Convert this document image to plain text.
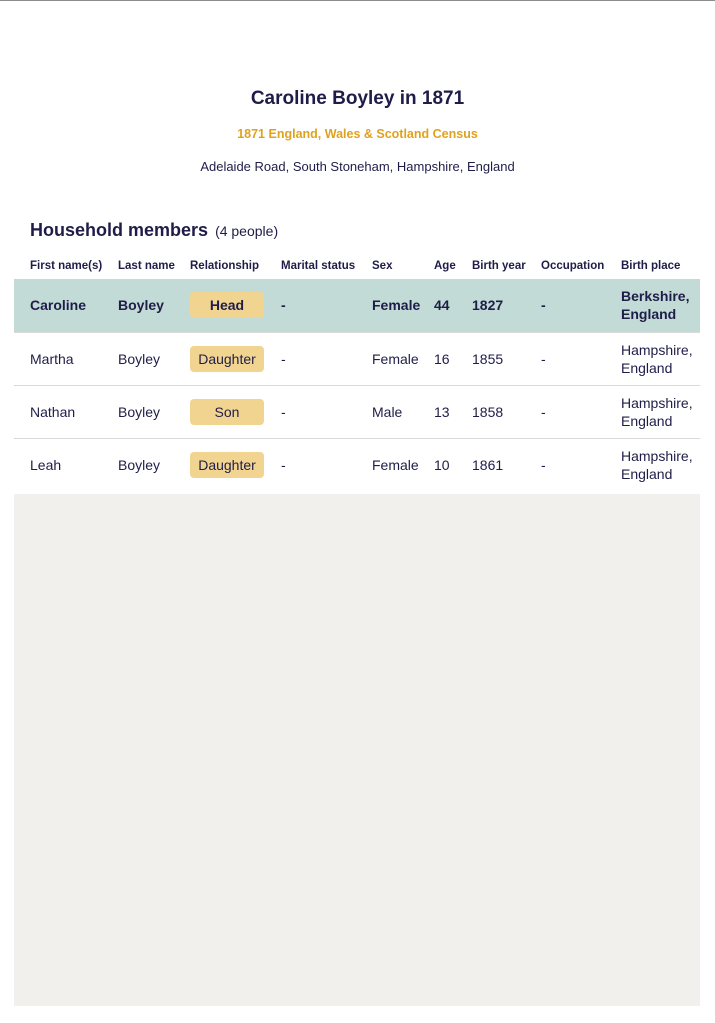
Caroline Boyley in 1871
1871 England, Wales & Scotland Census
Adelaide Road, South Stoneham, Hampshire, England
Household members (4 people)
First name(s)	Last name	Relationship	Marital status	Sex	Age	Birth year	Occupation	Birth place
Caroline	Boyley	Head	-	Female	44	1827	-	Berkshire,
England

Martha	Boyley	Daughter	-	Female	16	1855	-	Hampshire,
England

Nathan	Boyley	Son	-	Male	13	1858	-	Hampshire,
England

Leah	Boyley	Daughter	-	Female	10	1861	-	Hampshire,
England
